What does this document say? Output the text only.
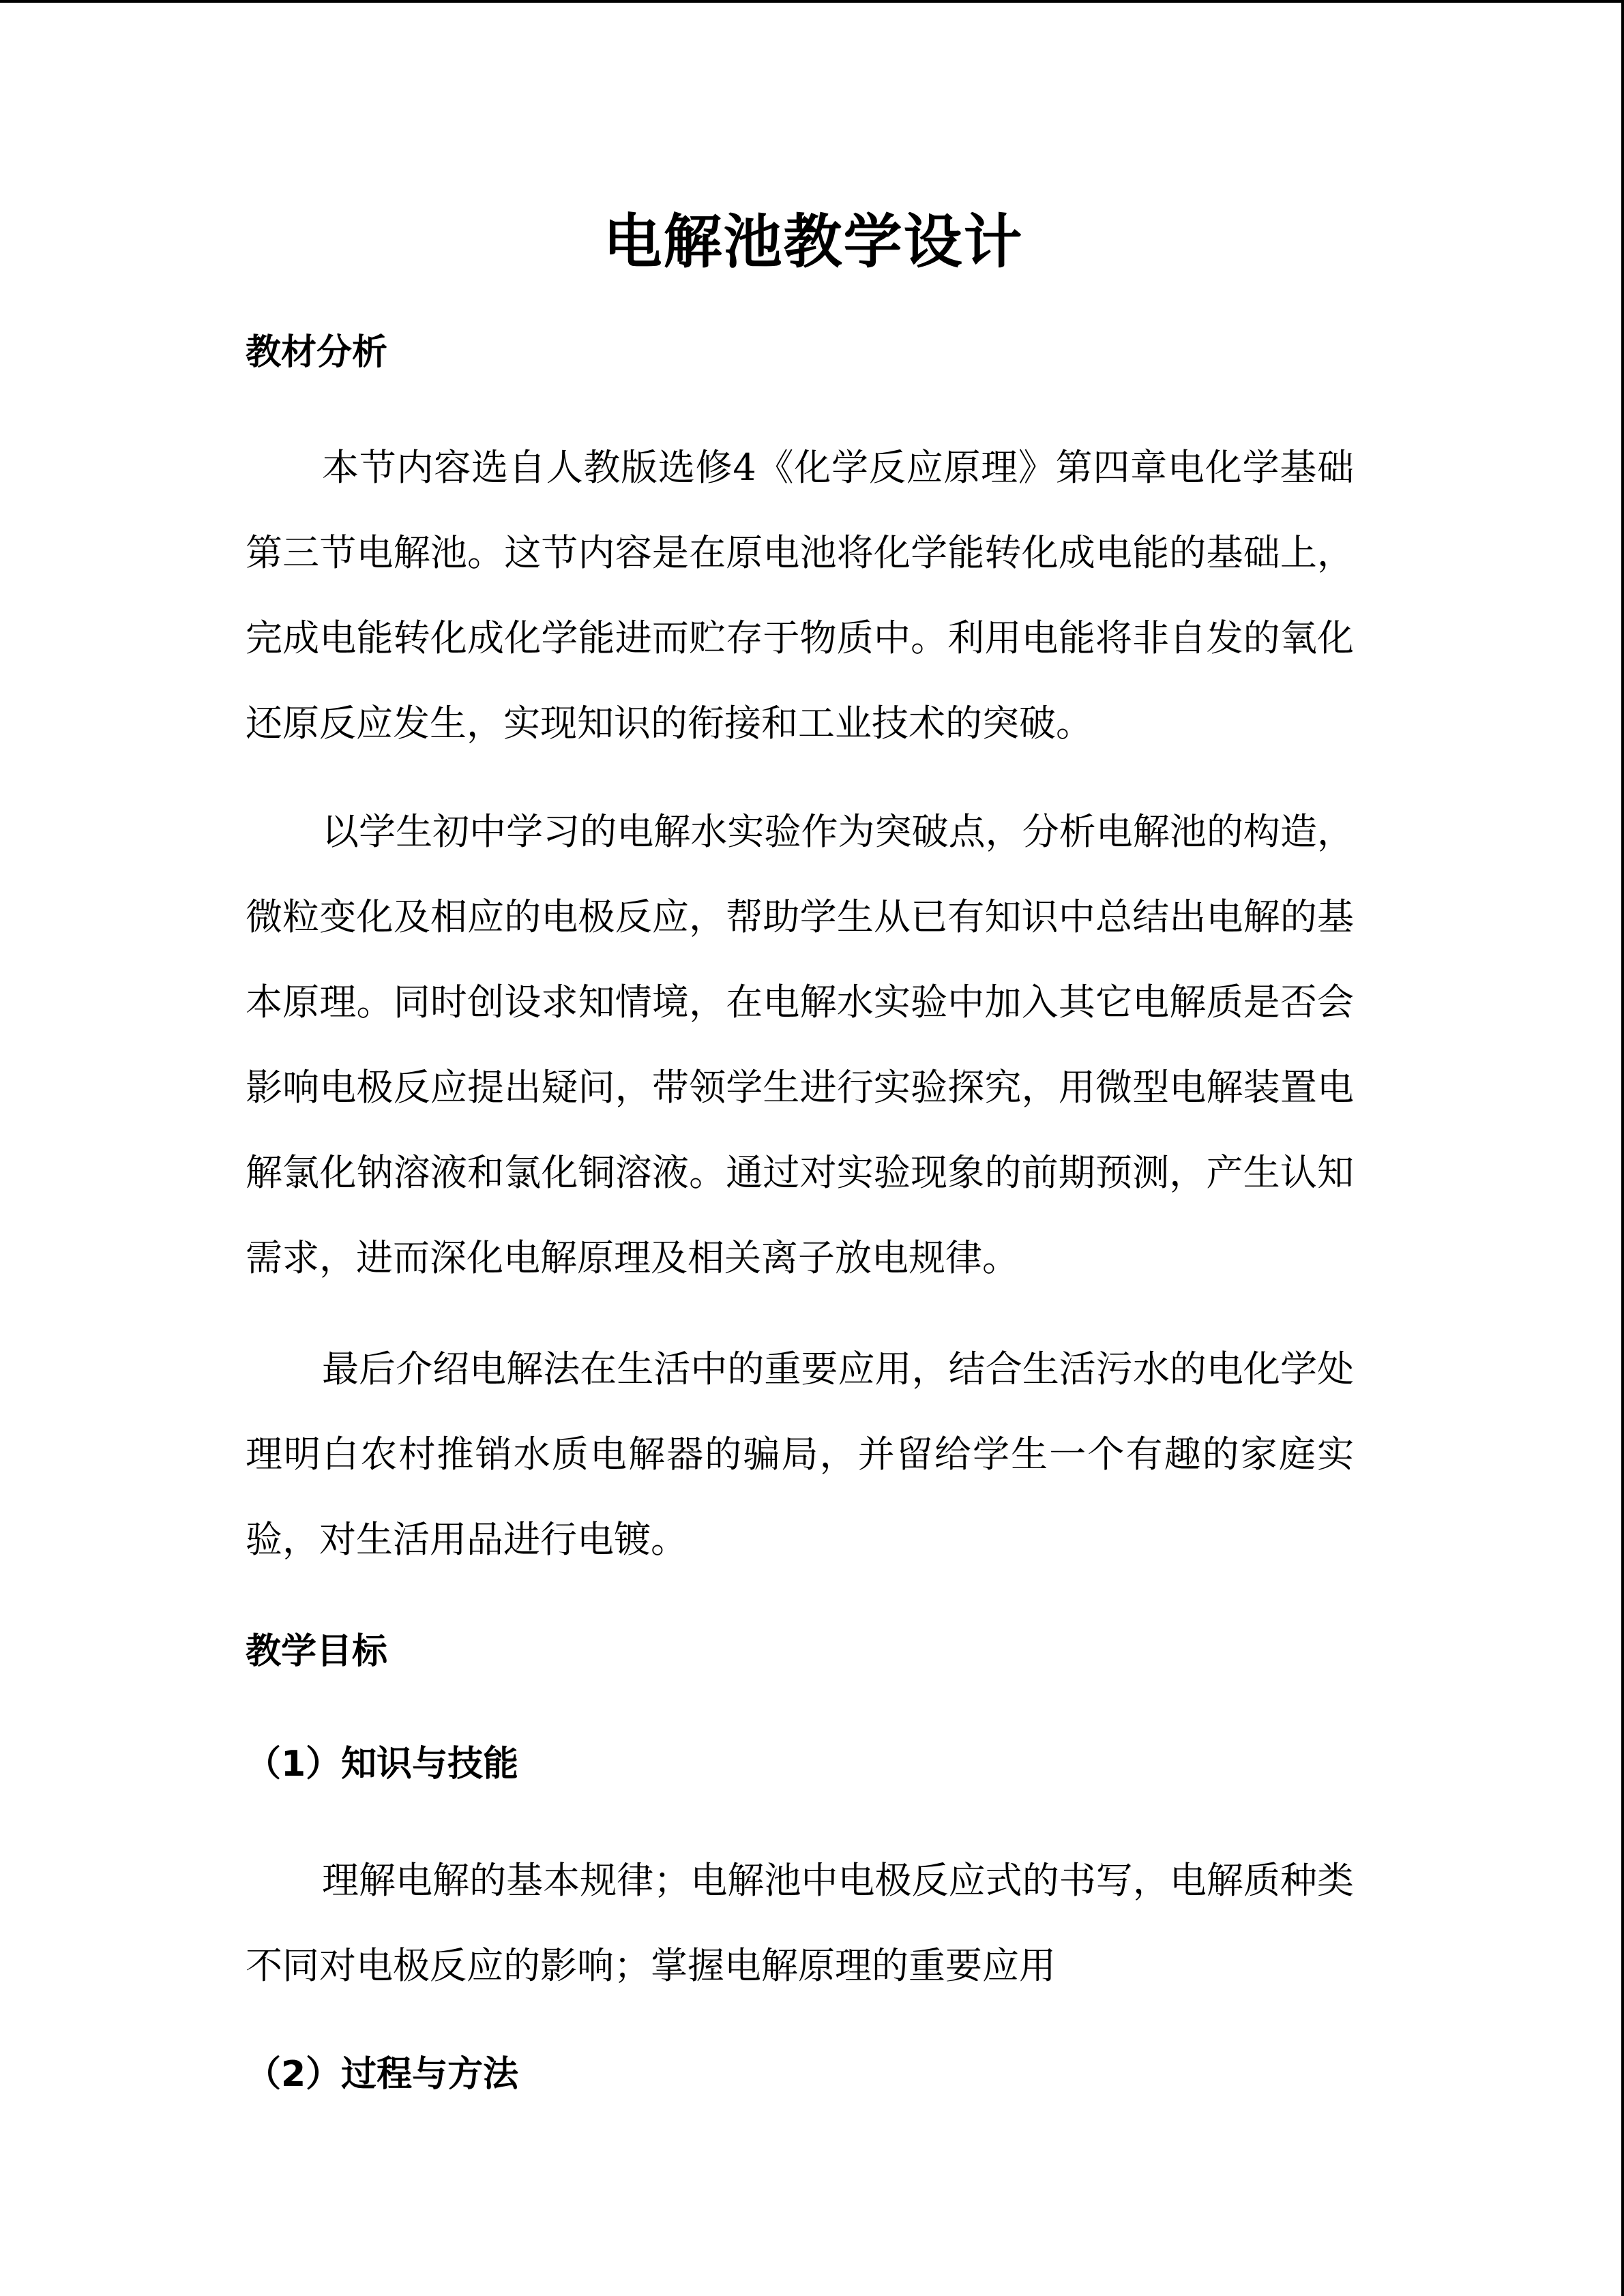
电解池教学设计
教材分析

本节内容选自人教版选修4《化学反应原理》第四章电化学基础第三节电解池。这节内容是在原电池将化学能转化成电能的基础上，完成电能转化成化学能进而贮存于物质中。利用电能将非自发的氧化还原反应发生，实现知识的衔接和工业技术的突破。

以学生初中学习的电解水实验作为突破点，分析电解池的构造，微粒变化及相应的电极反应，帮助学生从已有知识中总结出电解的基本原理。同时创设求知情境，在电解水实验中加入其它电解质是否会影响电极反应提出疑问，带领学生进行实验探究，用微型电解装置电解氯化钠溶液和氯化铜溶液。通过对实验现象的前期预测，产生认知需求，进而深化电解原理及相关离子放电规律。

最后介绍电解法在生活中的重要应用，结合生活污水的电化学处理明白农村推销水质电解器的骗局，并留给学生一个有趣的家庭实验，对生活用品进行电镀。

教学目标
（1）知识与技能

理解电解的基本规律；电解池中电极反应式的书写，电解质种类不同对电极反应的影响；掌握电解原理的重要应用

（2）过程与方法
